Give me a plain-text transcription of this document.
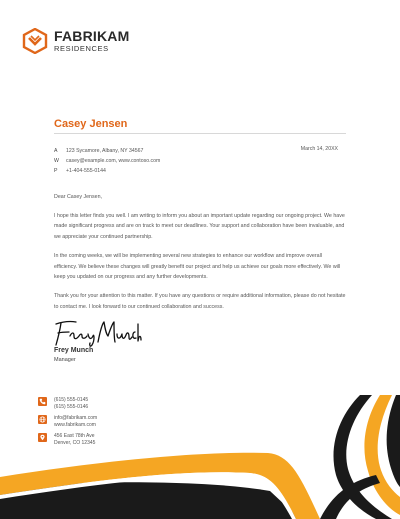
FABRIKAM
RESIDENCES
Casey Jensen
A	123 Sycamore, Albany, NY 34567
W	casey@example.com, www.contoso.com
P	+1-404-555-0144
March 14, 20XX

Dear Casey Jensen,

I hope this letter finds you well. I am writing to inform you about an important update regarding our ongoing project. We have made significant progress and are on track to meet our deadlines. Your support and collaboration have been invaluable, and we appreciate your continued partnership.

In the coming weeks, we will be implementing several new strategies to enhance our workflow and improve overall efficiency. We believe these changes will greatly benefit our project and help us achieve our goals more effectively. We will keep you updated on our progress and any further developments.

Thank you for your attention to this matter. If you have any questions or require additional information, please do not hesitate to contact me. I look forward to our continued collaboration and success.

Frey Munch
Manager
(615) 555-0145
(615) 555-0146
info@fabrikam.com
www.fabrikam.com
456 East 78th Ave
Denver, CO 12345
